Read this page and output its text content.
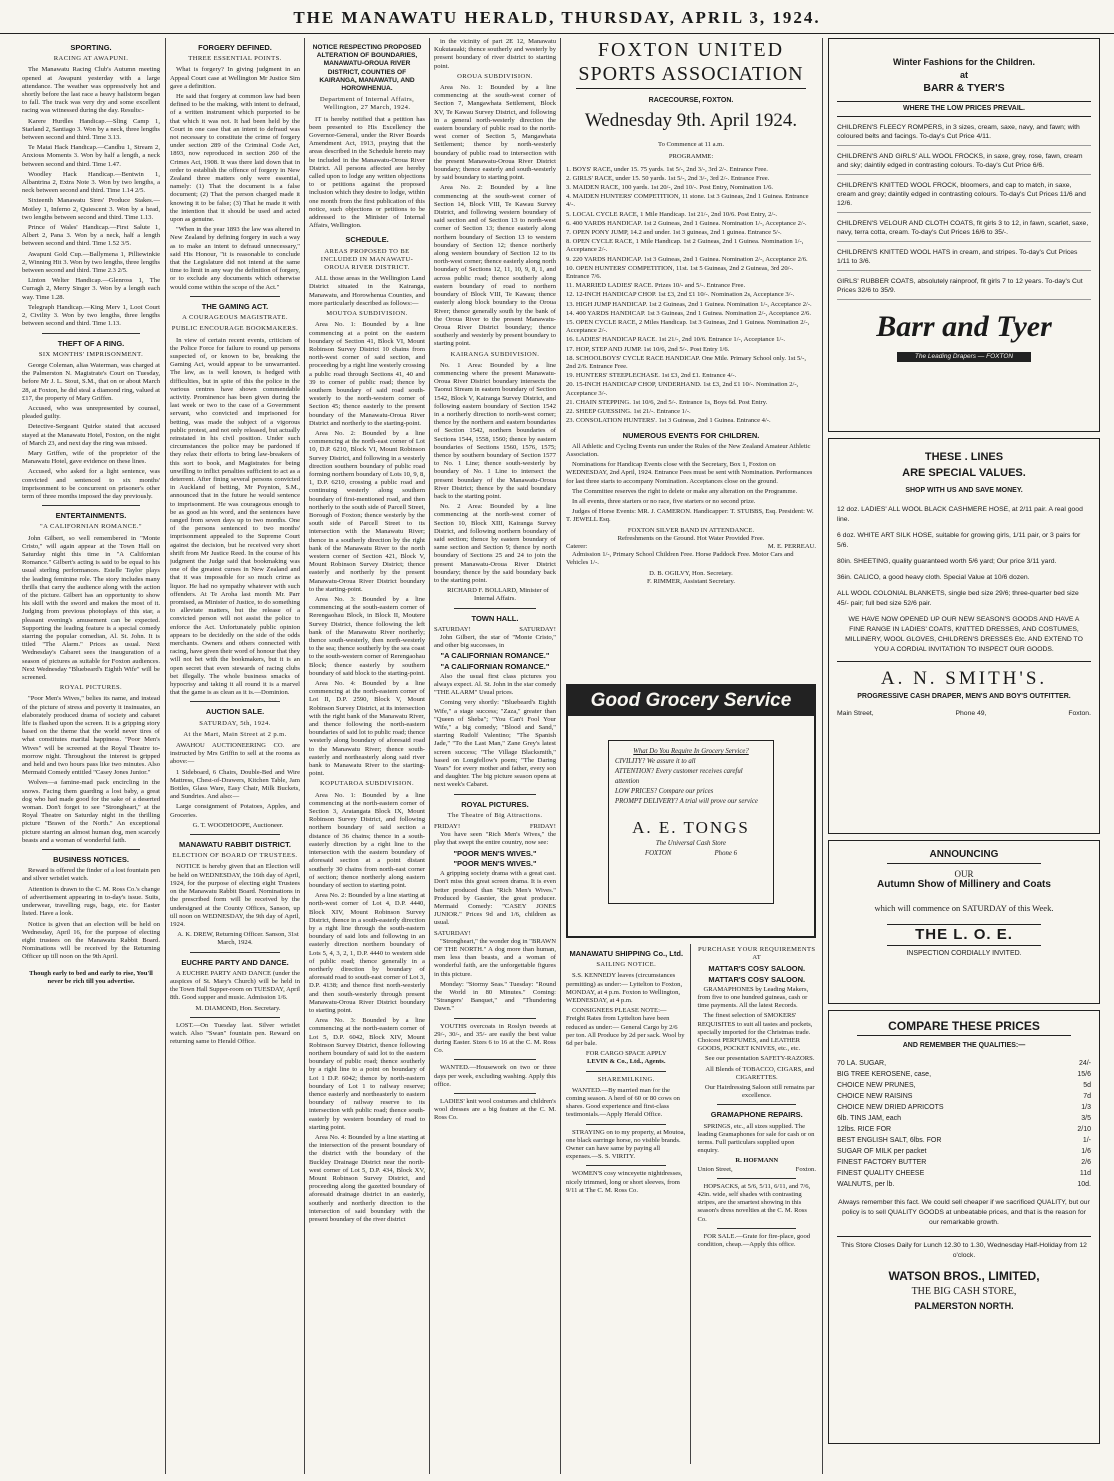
THE MANAWATU HERALD, THURSDAY, APRIL 3, 1924.
SPORTING.
RACING AT AWAPUNI.

The Manawatu Racing Club's Autumn meeting opened at Awapuni yesterday with a large attendance. The weather was oppressively hot and shortly before the last race a heavy hailstorm began to fall. The track was very dry and some excellent racing was witnessed during the day. Results:-

Karere Hurdles Handicap.—Sling Camp 1, Starland 2, Santiago 3. Won by a neck, three lengths between second and third. Time 3.13.

Te Matai Hack Handicap.—Candhu 1, Stream 2, Anxious Moments 3. Won by half a length, a neck between second and third. Time 1.47.

Woodley Hack Handicap.—Bentwin 1, Albantrina 2, Extra Note 3. Won by two lengths, a neck between second and third. Time 1.14 2/5.

Sixteenth Manawatu Sires' Produce Stakes.—Motley 1, Inferno 2, Quiescent 3. Won by a head, two lengths between second and third. Time 1.13.

Prince of Wales' Handicap.—First Salute 1, Albert 2, Pana 3. Won by a neck, half a length between second and third. Time 1.52 3/5.

Awapuni Gold Cup.—Ballymena 1, Pilliewinkie 2, Winning Hit 3. Won by two lengths, three lengths between second and third. Time 2.3 2/5.

Linton Welter Handicap.—Glenross 1, The Curragh 2, Merry Singer 3. Won by a length each way. Time 1.28.

Telegraph Handicap.—King Merv 1, Loot Court 2, Civility 3. Won by two lengths, three lengths between second and third. Time 1.13.

THEFT OF A RING.
SIX MONTHS' IMPRISONMENT.

George Coleman, alias Waterman, was charged at the Palmerston N. Magistrate's Court on Tuesday, before Mr J. L. Stout, S.M., that on or about March 28, at Foxton, he did steal a diamond ring, valued at £17, the property of Mary Griffen.

Accused, who was unrepresented by counsel, pleaded guilty.

Detective-Sergeant Quirke stated that accused stayed at the Manawatu Hotel, Foxton, on the night of March 23, and next day the ring was missed.

Mary Griffen, wife of the proprietor of the Manawatu Hotel, gave evidence on these lines.

Accused, who asked for a light sentence, was convicted and sentenced to six months' imprisonment to be concurrent on prisoner's other term of three months imposed the day previously.

ENTERTAINMENTS.
"A CALIFORNIAN ROMANCE."

John Gilbert, so well remembered in "Monte Cristo," will again appear at the Town Hall on Saturday night this time in "A Californian Romance." Gilbert's acting is said to be equal to his usual sterling performances. Estelle Taylor plays the leading feminine role. The story includes many thrills that carry the audience along with the action of the picture. Gilbert has an opportunity to show his skill with the sword and makes the most of it. Judging from previous photoplays of this star, a pleasant evening's amusement can be expected. Supporting the leading feature is a special comedy starring the popular comedian, Al. St. John. It is titled "The Alarm." Prices as usual. Next Wednesday's Cabaret sees the inauguration of a season of pictures as suitable for Foxton audiences. Next Wednesday "Bluebeard's Eighth Wife" will be screened.

ROYAL PICTURES.

"Poor Men's Wives," belies its name, and instead of the picture of stress and poverty it insinuates, an elaborately produced drama of society and cabaret life is flashed upon the screen. It is a gripping story based on the theme that the world never tires of what constitutes marital happiness. "Poor Men's Wives" will be screened at the Royal Theatre to-morrow night. Throughout the interest is gripped and held and two hours pass like two minutes. Also Mermaid Comedy entitled "Casey Jones Junior."

Wolves—a famine-mad pack encircling in the snows. Facing them guarding a lost baby, a great dog who had made good for the sake of a deserted woman. Don't forget to see "Strongheart," at the Royal Theatre on Saturday night in the thrilling picture "Brawn of the North." An exceptional picture starring an almost human dog, men scarcely beasts and a woman of wonderful faith.

BUSINESS NOTICES.

Reward is offered the finder of a lost fountain pen and silver wristlet watch.

Attention is drawn to the C. M. Ross Co.'s change of advertisement appearing in to-day's issue. Suits, underwear, travelling rugs, bags, etc. for Easter listed. Have a look.

Notice is given that an election will be held on Wednesday, April 16, for the purpose of electing eight trustees on the Manawatu Rabbit Board. Nominations will be received by the Returning Officer up till noon on the 9th April.

Though early to bed and early to rise, You'll never be rich till you advertise.

FORGERY DEFINED.
THREE ESSENTIAL POINTS.

What is forgery? In giving judgment in an Appeal Court case at Wellington Mr Justice Sim gave a definition.

He said that forgery at common law had been defined to be the making, with intent to defraud, of a written instrument which purported to be that which it was not. It had been held by the Court in one case that an intent to defraud was not necessary to constitute the crime of forgery under section 289 of the Criminal Code Act, 1893, now reproduced in section 260 of the Crimes Act, 1908. It was there laid down that in order to establish the offence of forgery in New Zealand three matters only were essential, namely: (1) That the document is a false document; (2) That the person charged made it knowing it to be false; (3) That he made it with the intention that it should be used and acted upon as genuine.

"When in the year 1893 the law was altered in New Zealand by defining forgery in such a way as to make an intent to defraud unnecessary," said His Honour, "it is reasonable to conclude that the Legislature did not intend at the same time to limit in any way the definition of forgery, or to exclude any documents which otherwise would come within the scope of the Act."

THE GAMING ACT.
A COURAGEOUS MAGISTRATE.
PUBLIC ENCOURAGE BOOKMAKERS.

In view of certain recent events, criticism of the Police Force for failure to round up persons suspected of, or known to be, breaking the Gaming Act, would appear to be unwarranted. The law, as is well known, is hedged with difficulties, but in spite of this the police in the various centres have shown commendable activity. Prominence has been given during the last week or two to the case of a Government servant, who convicted and imprisoned for betting, was made the subject of a vigorous public protest, and not only released, but actually reinstated in his civil position. Under such circumstances the police may be pardoned if they relax their efforts to bring law-breakers of this sort to book, and Magistrates for being unwilling to inflict penalties sufficient to act as a deterrent. After fining several persons convicted in Auckland of betting, Mr Poynton, S.M., announced that in the future he would sentence to imprisonment. He was courageous enough to be as good as his word, and the sentences have ranged from seven days up to two months. One of the persons sentenced to two months' imprisonment appealed to the Supreme Court against the decision, but he received very short shrift from Mr Justice Reed. In the course of his judgment the Judge said that bookmaking was one of the greatest curses in New Zealand and that it was impossible for so much crime as liquor. He had no sympathy whatever with such offenders. At Te Aroha last month Mr. Parr promised, as Minister of Justice, to do something to alleviate matters, but the release of a convicted person will not assist the police to enforce the Act. Unfortunately public opinion appears to be decidedly on the side of the odds merchants. Owners and others connected with racing, have given their word of honour that they will not bet with the bookmakers, but it is an open secret that even stewards of racing clubs bet illegally. The whole business smacks of hypocrisy and taking it all round it is a marvel that the game is as clean as it is.—Dominion.

AUCTION SALE.
SATURDAY, 5th, 1924.
At the Mart, Main Street at 2 p.m.

AWAHOU AUCTIONEERING CO. are instructed by Mrs Griffin to sell at the rooms as above:—

1 Sideboard, 6 Chairs, Double-Bed and Wire Mattress, Chest-of-Drawers, Kitchen Table, Jam Bottles, Glass Ware, Easy Chair, Milk Buckets, and Sundries. And also:—

Large consignment of Potatoes, Apples, and Groceries.

G. T. WOODHOOPE, Auctioneer.

MANAWATU RABBIT DISTRICT.
ELECTION OF BOARD OF TRUSTEES.

NOTICE is hereby given that an Election will be held on WEDNESDAY, the 16th day of April, 1924, for the purpose of electing eight Trustees on the Manawatu Rabbit Board. Nominations in the prescribed form will be received by the undersigned at the County Offices, Sanson, up till noon on WEDNESDAY, the 9th day of April, 1924.

A. K. DREW, Returning Officer. Sanson, 31st March, 1924.

EUCHRE PARTY AND DANCE.

A EUCHRE PARTY AND DANCE (under the auspices of St. Mary's Church) will be held in the Town Hall Supper-room on TUESDAY, April 8th. Good supper and music. Admission 1/6.

M. DIAMOND, Hon. Secretary.

LOST.—On Tuesday last. Silver wristlet watch. Also "Swan" fountain pen. Reward on returning same to Herald Office.

NOTICE RESPECTING PROPOSED ALTERATION OF BOUNDARIES, MANAWATU-OROUA RIVER DISTRICT, COUNTIES OF KAIRANGA, MANAWATU, AND HOROWHENUA.
Department of Internal Affairs, Wellington, 27 March, 1924.

IT is hereby notified that a petition has been presented to His Excellency the Governor-General, under the River Boards Amendment Act, 1913, praying that the areas described in the Schedule hereto may be included in the Manawatu-Oroua River District. All persons affected are hereby called upon to lodge any written objections to or petitions against the proposed inclusion which they desire to lodge, within one month from the first publication of this notice, such objections or petitions to be addressed to the Minister of Internal Affairs, Wellington.

SCHEDULE.
AREAS PROPOSED TO BE INCLUDED IN MANAWATU-OROUA RIVER DISTRICT.

ALL those areas in the Wellington Land District situated in the Kairanga, Manawatu, and Horowhenua Counties, and more particularly described as follows:—

MOUTOA SUBDIVISION.

Area No. 1: Bounded by a line commencing at a point on the eastern boundary of Section 41, Block VI, Mount Robinson Survey District 10 chains from north-west corner of said section, and proceeding by a right line westerly crossing a public road through Sections 41, 40 and 39 to corner of public road; thence by southern boundary of said road south-westerly to the north-western corner of Section 45; thence easterly to the present boundary of the Manawatu-Oroua River District and northerly to the starting-point.

Area No. 2: Bounded by a line commencing at the north-east corner of Lot 10, D.P. 6210, Block VI, Mount Robinson Survey District, and following in a westerly direction southern boundary of public road forming northern boundary of Lots 10, 9, 8, 1, D.P. 6210, crossing a public road and continuing westerly along southern boundary of first-mentioned road, and then northerly to the south side of Parcell Street, Borough of Foxton; thence westerly by the south side of Parcell Street to its intersection with the Manawatu River; thence in a southerly direction by the right bank of the Manawatu River to the north western corner of Section 421, Block V, Mount Robinson Survey District; thence easterly and northerly by the present Manawatu-Oroua River District boundary to the starting-point.

Area No. 3: Bounded by a line commencing at the south-eastern corner of Rerengaohau Block, in Block II, Moutere Survey District, thence following the left bank of the Manawatu River northerly; thence south-westerly, then north-westerly to the sea; thence southerly by the sea coast to the south-western corner of Rerengaohau Block; thence easterly by southern boundary of said block to the starting-point.

Area No. 4: Bounded by a line commencing at the north-eastern corner of Lot II, D.P. 2590, Block V, Mount Robinson Survey District, at its intersection with the right bank of the Manawatu River, and thence following the north-eastern boundaries of said lot to public road; thence westerly along boundary of aforesaid road to the Manawatu River; thence south-easterly and northeasterly along said river bank to Manawatu River to the starting-point.

KOPUTAROA SUBDIVISION.

Area No. 1: Bounded by a line commencing at the north-eastern corner of Section 3, Aratangata Block IX, Mount Robinson Survey District, and following northern boundary of said section a distance of 36 chains; thence in a south-easterly direction by a right line to the intersection with the eastern boundary of aforesaid section at a point distant southerly 30 chains from north-east corner of section; thence northerly along eastern boundary of section to starting point.

Area No. 2: Bounded by a line starting at north-west corner of Lot 4, D.P. 4440, Block XIV, Mount Robinson Survey District, thence in a south-easterly direction by a right line through the south-eastern boundary of said lots and following in an easterly direction northern boundary of Lots 5, 4, 3, 2, 1, D.P. 4440 to western side of public road; thence generally in a northerly direction by boundary of aforesaid road to south-east corner of Lot 3, D.P. 4138; and thence first north-westerly and then south-westerly through present Manawatu-Oroua River District boundary to starting point.

Area No. 3: Bounded by a line commencing at the north-eastern corner of Lot 5, D.P. 6042, Block XIV, Mount Robinson Survey District, thence following northern boundary of said lot to the eastern boundary of public road; thence southerly by a right line to a point on boundary of Lot 1 D.P. 6042; thence by north-eastern boundary of Lot 1 to railway reserve; thence easterly and northeasterly to eastern boundary of railway reserve to its intersection with public road; thence south-easterly by western boundary of road to starting point.

Area No. 4: Bounded by a line starting at the intersection of the present boundary of the district with the boundary of the Buckley Drainage District near the north-west corner of Lot 5, D.P. 434, Block XV, Mount Robinson Survey District, and proceeding along the gazetted boundary of aforesaid drainage district in an easterly, southerly and northerly direction to the intersection of said boundary with the present boundary of the river district

in the vicinity of part 2E 12, Manawatu Kukutauaki; thence southerly and westerly by present boundary of river district to starting point.

OROUA SUBDIVISION.

Area No. 1: Bounded by a line commencing at the south-west corner of Section 7, Mangawhata Settlement, Block XV, Te Kawau Survey District, and following in a general north-westerly direction the eastern boundary of public road to the north-west corner of Section 5, Mangawhata Settlement; thence by north-westerly boundary of public road to intersection with the present Manawatu-Oroua River District boundary; thence easterly and south-westerly by said boundary to starting point.

Area No. 2: Bounded by a line commencing at the south-west corner of Section 14, Block VIII, Te Kawau Survey District, and following western boundary of said section and of Section 13 to north-west corner of Section 13; thence easterly along northern boundary of Section 13 to western boundary of Section 12; thence northerly along western boundary of Section 12 to its north-west corner; thence easterly along north boundary of Sections 12, 11, 10, 9, 8, 1, and across public road; thence southerly along eastern boundary of road to northern boundary of Block VIII, Te Kawau; thence easterly along block boundary to the Oroua River; thence generally south by the bank of the Oroua River to the present Manawatu-Oroua River District boundary; thence southerly and westerly by present boundary to starting point.

KAIRANGA SUBDIVISION.

No. 1 Area: Bounded by a line commencing where the present Manawatu-Oroua River District boundary intersects the Taonui Stream in eastern boundary of Section 1542, Block V, Kairanga Survey District, and following eastern boundary of Section 1542 in a northerly direction to north-west corner; thence by the northern and eastern boundaries of Section 1542, northern boundaries of Sections 1544, 1558, 1560; thence by eastern boundaries of Sections 1560, 1576, 1575; thence by southern boundary of Section 1577 to No. 1 Line; thence south-westerly by boundary of No. 1 Line to intersect the present boundary of the Manawatu-Oroua River District; thence by the said boundary back to the starting point.

No. 2 Area: Bounded by a line commencing at the north-west corner of Section 10, Block XIII, Kairanga Survey District, and following northern boundary of said section; thence by eastern boundary of same section and Section 9; thence by north boundary of Sections 25 and 24 to join the present Manawatu-Oroua River District boundary; thence by the said boundary back to the starting point.

RICHARD F. BOLLARD, Minister of Internal Affairs.

TOWN HALL.
SATURDAY!	SATURDAY!

John Gilbert, the star of "Monte Cristo," and other big successes, in

"A CALIFORNIAN ROMANCE."
"A CALIFORNIAN ROMANCE."

Also the usual first class pictures you always expect. Al. St. John in the star comedy "THE ALARM" Usual prices.

Coming very shortly: "Bluebeard's Eighth Wife," a stage success; "Zaza," greater than "Queen of Sheba"; "You Can't Fool Your Wife," a big comedy; "Blood and Sand," starring Rudolf Valentino; "The Spanish Jade," "To the Last Man," Zane Grey's latest screen success; "The Village Blacksmith," based on Longfellow's poem; "The Daring Years" for every mother and father, every son and daughter. The big picture season opens at next week's Cabaret.

ROYAL PICTURES.
The Theatre of Big Attractions.
FRIDAY!	FRIDAY!

You have seen "Rich Men's Wives," the play that swept the entire country, now see:

"POOR MEN'S WIVES."
"POOR MEN'S WIVES."

A gripping society drama with a great cast. Don't miss this great screen drama. It is even better produced than "Rich Men's Wives." Produced by Gasnier, the great producer. Mermaid Comedy: "CASEY JONES JUNIOR." Prices 9d and 1/6, children as usual.

SATURDAY!

"Strongheart," the wonder dog in "BRAWN OF THE NORTH." A dog more than human, men less than beasts, and a woman of wonderful faith, are the unforgettable figures in this picture.

Monday: "Stormy Seas." Tuesday: "Round the World in 80 Minutes." Coming: "Strangers' Banquet," and "Thundering Dawn."

YOUTHS overcoats in Roslyn tweeds at 29/-, 30/-, and 35/- are easily the best value during Easter. Sizes 6 to 16 at the C. M. Ross Co.

WANTED.—Housework on two or three days per week, excluding washing. Apply this office.

LADIES' knit wool costumes and children's wool dresses are a big feature at the C. M. Ross Co.

FOXTON UNITED
SPORTS ASSOCIATION
RACECOURSE, FOXTON.
Wednesday 9th. April 1924.
To Commence at 11 a.m.
PROGRAMME:
1. BOYS' RACE, under 15. 75 yards. 1st 5/-, 2nd 3/-, 3rd 2/-. Entrance Free.
2. GIRLS' RACE, under 15. 50 yards. 1st 5/-, 2nd 3/-, 3rd 2/-. Entrance Free.
3. MAIDEN RACE, 100 yards. 1st 20/-, 2nd 10/-. Post Entry, Nomination 1/6.
4. MAIDEN HUNTERS' COMPETITION, 11 stone. 1st 3 Guineas, 2nd 1 Guinea. Entrance 4/-.
5. LOCAL CYCLE RACE, 1 Mile Handicap. 1st 21/-, 2nd 10/6. Post Entry, 2/-.
6. 400 YARDS HANDICAP. 1st 2 Guineas, 2nd 1 Guinea. Nomination 1/-, Acceptance 2/-.
7. OPEN PONY JUMP, 14.2 and under. 1st 3 guineas, 2nd 1 guinea. Entrance 5/-.
8. OPEN CYCLE RACE, 1 Mile Handicap. 1st 2 Guineas, 2nd 1 Guinea. Nomination 1/-, Acceptance 2/-.
9. 220 YARDS HANDICAP. 1st 3 Guineas, 2nd 1 Guinea. Nomination 2/-, Acceptance 2/6.
10. OPEN HUNTERS' COMPETITION, 11st. 1st 5 Guineas, 2nd 2 Guineas, 3rd 20/-. Entrance 7/6.
11. MARRIED LADIES' RACE. Prizes 10/- and 5/-. Entrance Free.
12. 12-INCH HANDICAP CHOP. 1st £3, 2nd £1 10/-. Nomination 2s, Acceptance 3/-.
13. HIGH JUMP HANDICAP. 1st 2 Guineas, 2nd 1 Guinea. Nomination 1/-, Acceptance 2/-.
14. 400 YARDS HANDICAP. 1st 3 Guineas, 2nd 1 Guinea. Nomination 2/-, Acceptance 2/6.
15. OPEN CYCLE RACE, 2 Miles Handicap. 1st 3 Guineas, 2nd 1 Guinea. Nomination 2/-, Acceptance 2/-.
16. LADIES' HANDICAP RACE. 1st 21/-, 2nd 10/6. Entrance 1/-, Acceptance 1/-.
17. HOP, STEP AND JUMP. 1st 10/6, 2nd 5/-. Post Entry 1/6.
18. SCHOOLBOYS' CYCLE RACE HANDICAP. One Mile. Primary School only. 1st 5/-, 2nd 2/6. Entrance Free.
19. HUNTERS' STEEPLECHASE. 1st £3, 2nd £1. Entrance 4/-.
20. 15-INCH HANDICAP CHOP, UNDERHAND. 1st £3, 2nd £1 10/-. Nomination 2/-, Acceptance 3/-.
21. CHAIN STEPPING. 1st 10/6, 2nd 5/-. Entrance 1s, Boys 6d. Post Entry.
22. SHEEP GUESSING. 1st 21/-. Entrance 1/-.
23. CONSOLATION HUNTERS'. 1st 3 Guineas, 2nd 1 Guinea. Entrance 4/-.
NUMEROUS EVENTS FOR CHILDREN.

All Athletic and Cycling Events run under the Rules of the New Zealand Amateur Athletic Association.

Nominations for Handicap Events close with the Secretary, Box 1, Foxton on WEDNESDAY, 2nd April, 1924. Entrance Fees must be sent with Nomination. Performances for last three starts to accompany Nomination. Acceptances close on the ground.

The Committee reserves the right to delete or make any alteration on the Programme.

In all events, three starters or no race, five starters or no second prize.

Judges of Horse Events: MR. J. CAMERON. Handicapper: T. STUBBS, Esq. President: W. T. JEWELL Esq.

FOXTON SILVER BAND IN ATTENDANCE.
Refreshments on the Ground. Hot Water Provided Free.
Caterer:	M. E. PERREAU.

Admission 1/-, Primary School Children Free. Horse Paddock Free. Motor Cars and Vehicles 1/-.

D. B. OGILVY, Hon. Secretary.
F. RIMMER, Assistant Secretary.
Good Grocery Service
What Do You Require In Grocery Service?
CIVILITY? We assure it to all
ATTENTION? Every customer receives careful attention
LOW PRICES? Compare our prices
PROMPT DELIVERY? A trial will prove our service
A. E. TONGS
The Universal Cash Store
FOXTON	Phone 6
MANAWATU SHIPPING Co., Ltd.
SAILING NOTICE.

S.S. KENNEDY leaves (circumstances permitting) as under:— Lyttelton to Foxton, MONDAY, at 4 p.m. Foxton to Wellington, WEDNESDAY, at 4 p.m.

CONSIGNEES PLEASE NOTE:— Freight Rates from Lyttelton have been reduced as under:— General Cargo by 2/6 per ton. All Produce by 2d per sack. Wool by 6d per bale.

FOR CARGO SPACE APPLY
LEVIN & Co., Ltd., Agents.
SHAREMILKING.

WANTED.—By married man for the coming season. A herd of 60 or 80 cows on shares. Good experience and first-class testimonials.—Apply Herald Office.

STRAYING on to my property, at Moutoa, one black earringe horse, no visible brands. Owner can have same by paying all expenses.—S. S. VIRITY.

WOMEN'S cosy winceyette nightdresses, nicely trimmed, long or short sleeves, from 9/11 at The C. M. Ross Co.

PURCHASE YOUR REQUIREMENTS AT
MATTAR'S COSY SALOON.
MATTAR'S COSY SALOON.

GRAMAPHONES by Leading Makers, from five to one hundred guineas, cash or time payments. All the latest Records.

The finest selection of SMOKERS' REQUISITES to suit all tastes and pockets, specially imported for the Christmas trade. Choicest PERFUMES, and LEATHER GOODS, POCKET KNIVES, etc., etc.

See our presentation SAFETY-RAZORS.

All Blends of TOBACCO, CIGARS, and CIGARETTES.

Our Hairdressing Saloon still remains par excellence.

GRAMAPHONE REPAIRS.

SPRINGS, etc., all sizes supplied. The leading Gramaphones for sale for cash or on terms. Full particulars supplied upon enquiry.

R. HOFMANN
Union Street,	Foxton.

HOPSACKS, at 5/6, 5/11, 6/11, and 7/6, 42in. wide, self shades with contrasting stripes, are the smartest showing in this season's dress novelties at the C. M. Ross Co.

FOR SALE.—Grate for fire-place, good condition, cheap.—Apply this office.

Winter Fashions for the Children.
at
BARR & TYER'S
WHERE THE LOW PRICES PREVAIL.
CHILDREN'S FLEECY ROMPERS, in 3 sizes, cream, saxe, navy, and fawn; with coloured belts and facings. To-day's Cut Price 4/11.
CHILDREN'S AND GIRLS' ALL WOOL FROCKS, in saxe, grey, rose, fawn, cream and sky; daintily edged in contrasting colours. To-day's Cut Price 6/6.
CHILDREN'S KNITTED WOOL FROCK, bloomers, and cap to match, in saxe, cream and grey; daintily edged in contrasting colours. To-day's Cut Prices 11/6 and 12/6.
CHILDREN'S VELOUR AND CLOTH COATS, fit girls 3 to 12, in fawn, scarlet, saxe, navy, terra cotta, cream. To-day's Cut Prices 16/6 to 35/-.
CHILDREN'S KNITTED WOOL HATS in cream, and stripes. To-day's Cut Prices 1/11 to 3/6.
GIRLS' RUBBER COATS, absolutely rainproof, fit girls 7 to 12 years. To-day's Cut Prices 32/6 to 35/9.
Barr and Tyer
The Leading Drapers — FOXTON
THESE . LINES
ARE SPECIAL VALUES.
SHOP WITH US AND SAVE MONEY.
12 doz. LADIES' ALL WOOL BLACK CASHMERE HOSE, at 2/11 pair. A real good line.
6 doz. WHITE ART SILK HOSE, suitable for growing girls, 1/11 pair, or 3 pairs for 5/6.
80in. SHEETING, quality guaranteed worth 5/6 yard; Our price 3/11 yard.
36in. CALICO, a good heavy cloth. Special Value at 10/6 dozen.
ALL WOOL COLONIAL BLANKETS, single bed size 29/6; three-quarter bed size 45/- pair; full bed size 52/6 pair.

WE HAVE NOW OPENED UP OUR NEW SEASON'S GOODS AND HAVE A FINE RANGE IN LADIES' COATS, KNITTED DRESSES, AND COSTUMES, MILLINERY, WOOL GLOVES, CHILDREN'S DRESSES Etc. AND EXTEND TO YOU A CORDIAL INVITATION TO INSPECT OUR GOODS.

A. N. SMITH'S.
PROGRESSIVE CASH DRAPER, MEN'S AND BOY'S OUTFITTER.
Main Street,	Phone 49,	Foxton.
ANNOUNCING
OUR
Autumn Show of Millinery and Coats
which will commence on SATURDAY of this Week.
THE L. O. E.
INSPECTION CORDIALLY INVITED.
COMPARE THESE PRICES
AND REMEMBER THE QUALITIES:—
70 LA. SUGAR,	24/-
BIG TREE KEROSENE, case,	15/6
CHOICE NEW PRUNES,	5d
CHOICE NEW RAISINS	7d
CHOICE NEW DRIED APRICOTS	1/3
6lb. TINS JAM, each	3/5
12lbs. RICE FOR	2/10
BEST ENGLISH SALT, 6lbs. FOR	1/-
SUGAR OF MILK per packet	1/6
FINEST FACTORY BUTTER	2/6
FINEST QUALITY CHEESE	11d
WALNUTS, per lb.	10d.

Always remember this fact. We could sell cheaper if we sacrificed QUALITY, but our policy is to sell QUALITY GOODS at unbeatable prices, and that is the reason for our remarkable growth.

This Store Closes Daily for Lunch 12.30 to 1.30, Wednesday Half-Holiday from 12 o'clock.
WATSON BROS., LIMITED,
THE BIG CASH STORE,
PALMERSTON NORTH.
